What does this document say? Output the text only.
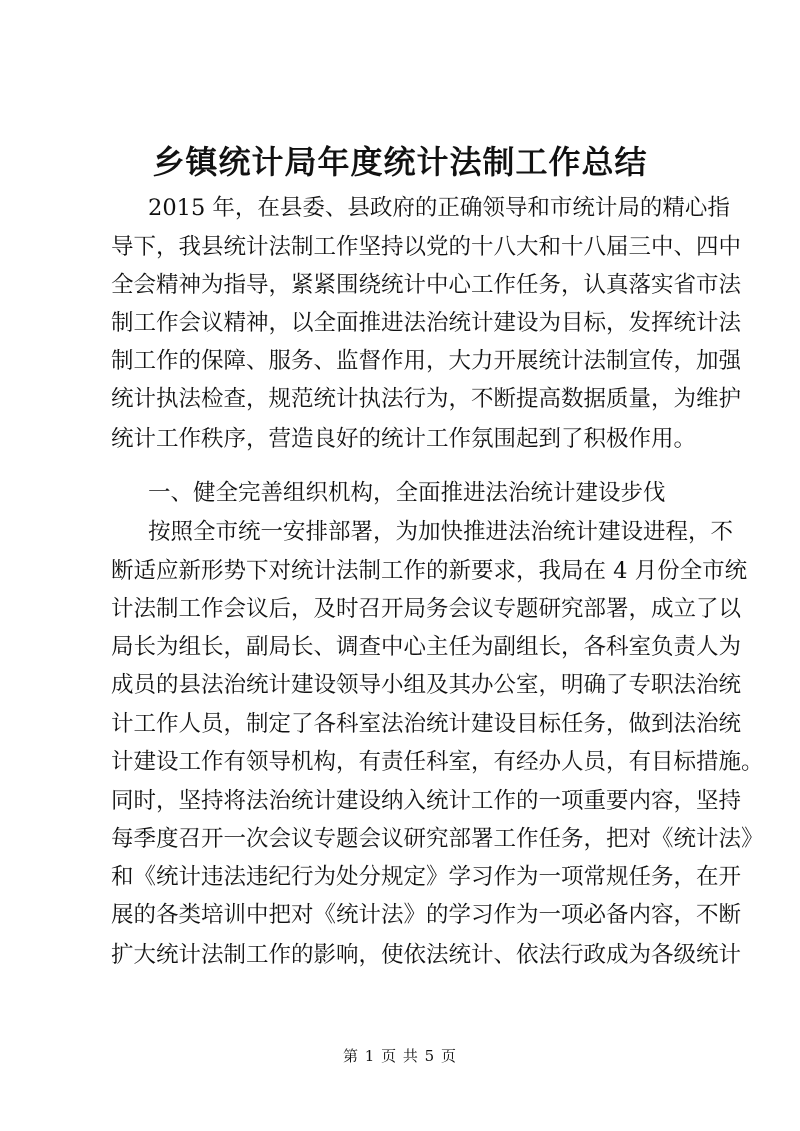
乡镇统计局年度统计法制工作总结

2015 年，在县委、县政府的正确领导和市统计局的精心指

导下，我县统计法制工作坚持以党的十八大和十八届三中、四中

全会精神为指导，紧紧围绕统计中心工作任务，认真落实省市法

制工作会议精神，以全面推进法治统计建设为目标，发挥统计法

制工作的保障、服务、监督作用，大力开展统计法制宣传，加强

统计执法检查，规范统计执法行为，不断提高数据质量，为维护

统计工作秩序，营造良好的统计工作氛围起到了积极作用。

一、健全完善组织机构，全面推进法治统计建设步伐

按照全市统一安排部署，为加快推进法治统计建设进程，不

断适应新形势下对统计法制工作的新要求，我局在 4 月份全市统

计法制工作会议后，及时召开局务会议专题研究部署，成立了以

局长为组长，副局长、调查中心主任为副组长，各科室负责人为

成员的县法治统计建设领导小组及其办公室，明确了专职法治统

计工作人员，制定了各科室法治统计建设目标任务，做到法治统

计建设工作有领导机构，有责任科室，有经办人员，有目标措施。

同时，坚持将法治统计建设纳入统计工作的一项重要内容，坚持

每季度召开一次会议专题会议研究部署工作任务，把对《统计法》

和《统计违法违纪行为处分规定》学习作为一项常规任务，在开

展的各类培训中把对《统计法》的学习作为一项必备内容，不断

扩大统计法制工作的影响，使依法统计、依法行政成为各级统计

第 1 页 共 5 页
